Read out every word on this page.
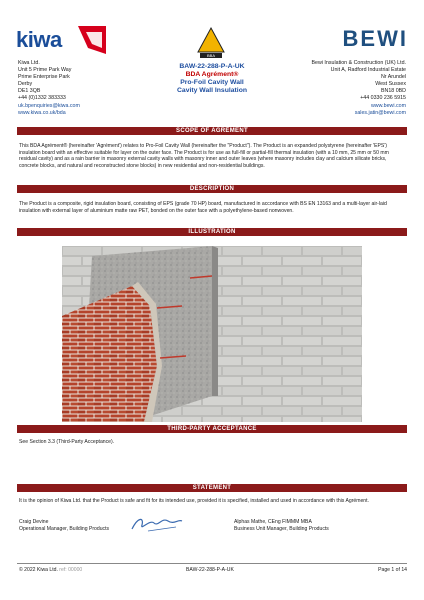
kiwa
BBA
BEWI
Kiwa Ltd.
Unit 5 Prime Park Way
Prime Enterprise Park
Derby
DE1 3QB
+44 (0)1332 383333
uk.bpenquiries@kiwa.com
www.kiwa.co.uk/bda
BAW-22-288-P-A-UK
BDA Agrément®
Pro-Foil Cavity Wall
Cavity Wall Insulation
Bewi Insulation & Construction (UK) Ltd.
Unit A, Radford Industrial Estate
Nr Arundel
West Sussex
BN18 0BD
+44 0330 236 5915
www.bewi.com
sales.jatin@bewi.com
SCOPE OF AGRÉMENT
This BDA Agrément® (hereinafter 'Agrément') relates to Pro-Foil Cavity Wall (hereinafter the "Product"). The Product is an expanded polystyrene (hereinafter 'EPS') insulation board with an effective suitable for layer on the outer face. The Product is for use as full-fill or partial-fill thermal insulation (with a 10 mm, 25 mm or 50 mm residual cavity) and as a rain barrier in masonry external cavity walls with masonry inner and outer leaves (where masonry includes clay and calcium silicate bricks, concrete blocks, and natural and reconstructed stone blocks) in new residential and non-residential buildings.
DESCRIPTION
The Product is a composite, rigid insulation board, consisting of EPS (grade 70 HP) board, manufactured in accordance with BS EN 13163 and a multi-layer air-laid insulation with external layer of aluminium matte raw PET, bonded on the outer face with a polyethylene-based nonwoven.
ILLUSTRATION
THIRD-PARTY ACCEPTANCE
See Section 3.3 (Third-Party Acceptance).
STATEMENT
It is the opinion of Kiwa Ltd. that the Product is safe and fit for its intended use, provided it is specified, installed and used in accordance with this Agrément.
Craig Devine
Operational Manager, Building Products
Alphas Mathe, CEng FIMMM MBA
Business Unit Manager, Building Products
© 2022 Kiwa Ltd. ref: 00000	BAW-22-288-P-A-UK	Page 1 of 14
